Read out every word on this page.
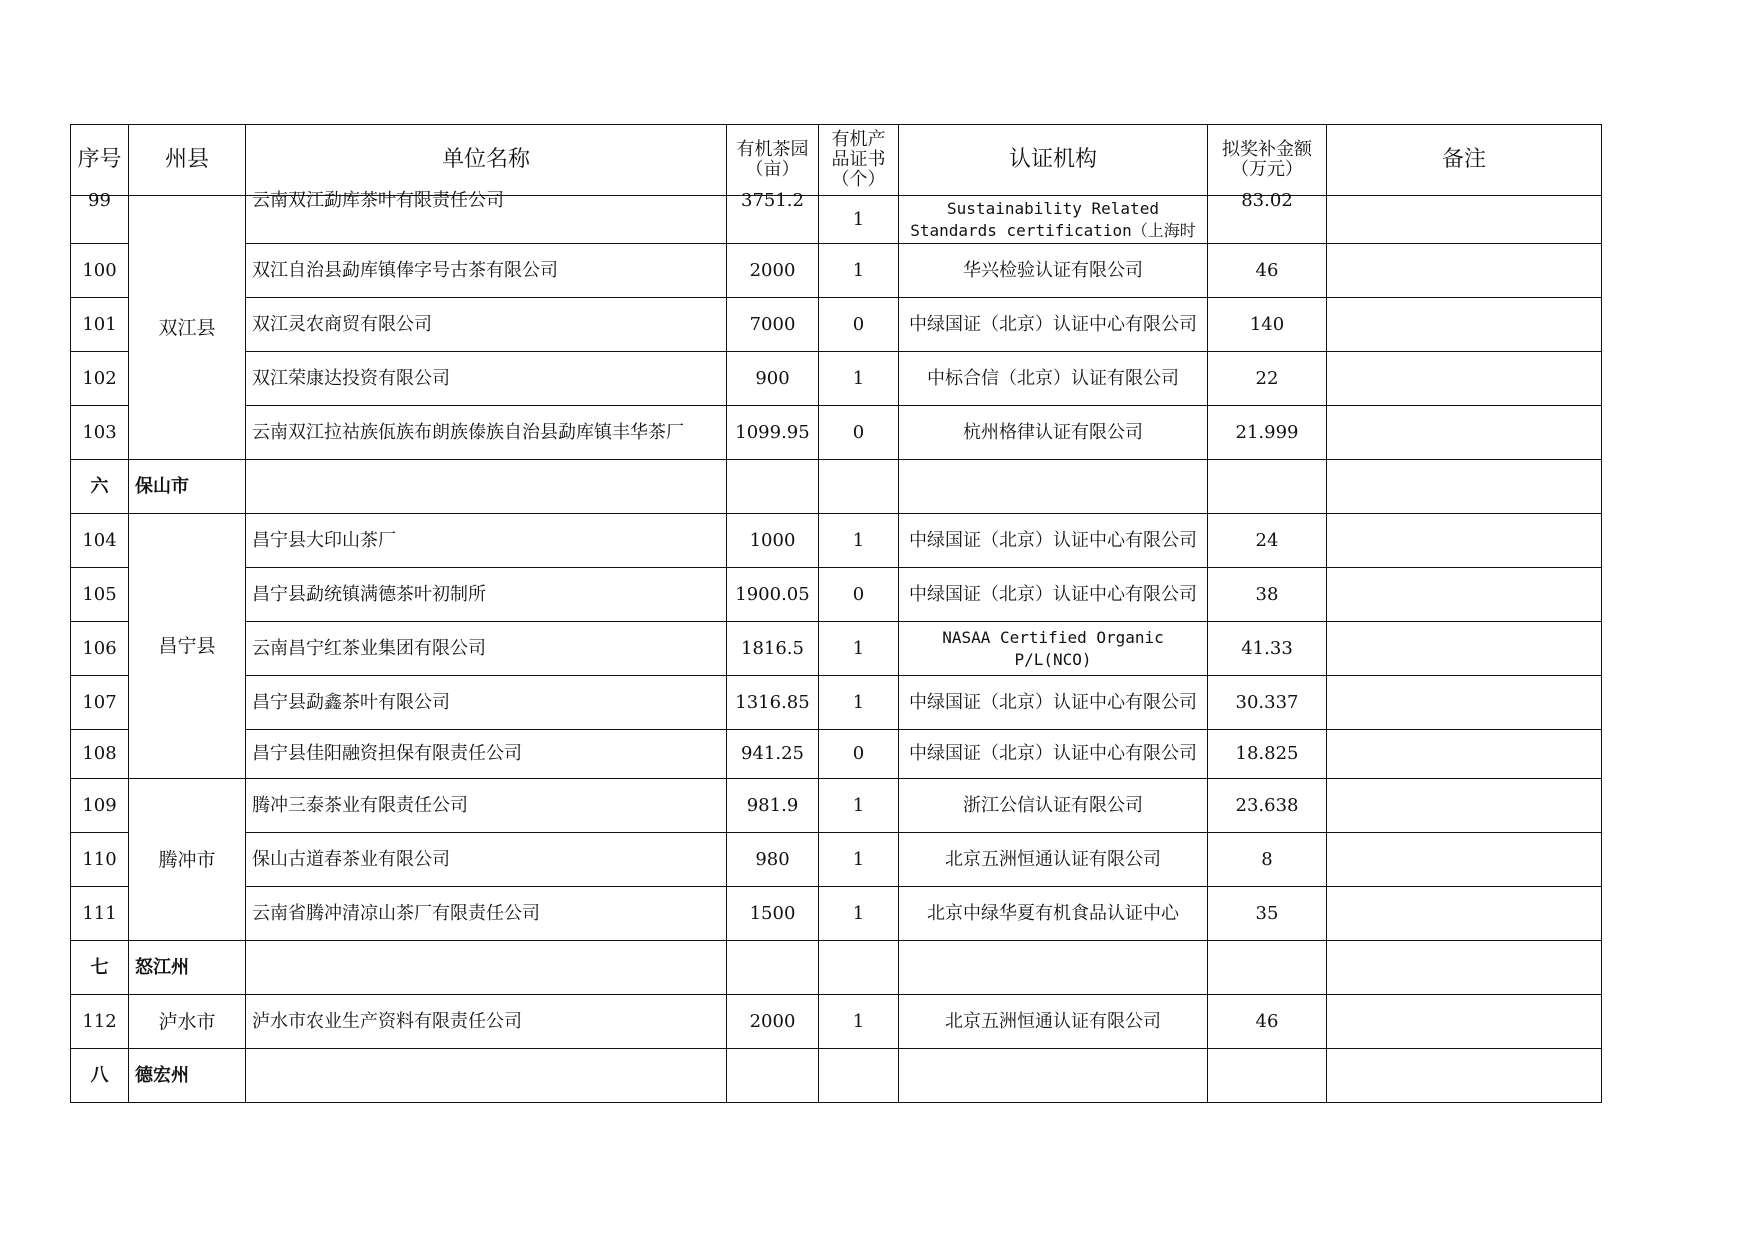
序号	州县	单位名称	有机茶园（亩）	有机产品证书（个）	认证机构	拟奖补金额（万元）	备注

99	双江县	云南双江勐库茶叶有限责任公司	3751.2	1	Sustainability Related Standards certification（上海时	83.02	

100		双江自治县勐库镇俸字号古茶有限公司	2000	1	华兴检验认证有限公司	46	
101		双江灵农商贸有限公司	7000	0	中绿国证（北京）认证中心有限公司	140	
102		双江荣康达投资有限公司	900	1	中标合信（北京）认证有限公司	22	
103		云南双江拉祜族佤族布朗族傣族自治县勐库镇丰华茶厂	1099.95	0	杭州格律认证有限公司	21.999	
六	保山市						
104	昌宁县	昌宁县大印山茶厂	1000	1	中绿国证（北京）认证中心有限公司	24	
105		昌宁县勐统镇满德茶叶初制所	1900.05	0	中绿国证（北京）认证中心有限公司	38	
106		云南昌宁红茶业集团有限公司	1816.5	1	NASAA Certified Organic P/L(NCO)	41.33	
107		昌宁县勐鑫茶叶有限公司	1316.85	1	中绿国证（北京）认证中心有限公司	30.337	
108		昌宁县佳阳融资担保有限责任公司	941.25	0	中绿国证（北京）认证中心有限公司	18.825	
109	腾冲市	腾冲三泰茶业有限责任公司	981.9	1	浙江公信认证有限公司	23.638	
110		保山古道春茶业有限公司	980	1	北京五洲恒通认证有限公司	8	
111		云南省腾冲清凉山茶厂有限责任公司	1500	1	北京中绿华夏有机食品认证中心	35	
七	怒江州						
112	泸水市	泸水市农业生产资料有限责任公司	2000	1	北京五洲恒通认证有限公司	46	
八	德宏州						
